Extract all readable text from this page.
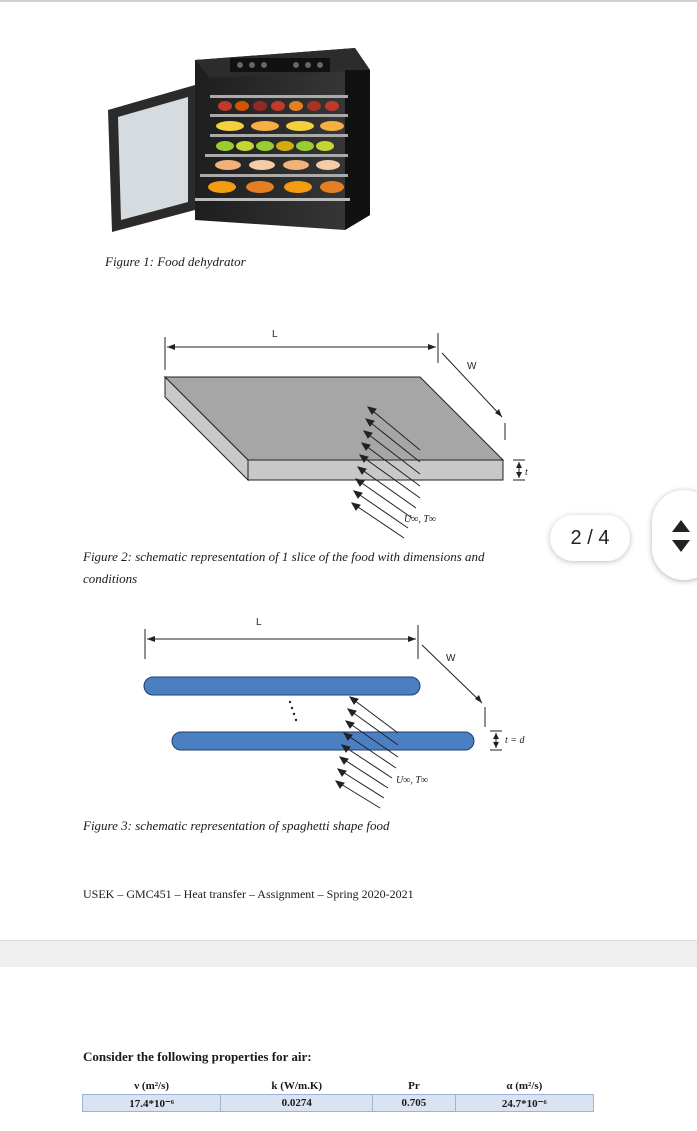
Figure 1: Food dehydrator
L
W
t
U∞, T∞
Figure 2: schematic representation of 1 slice of the food with dimensions and
conditions
L
W
t = d
U∞, T∞
Figure 3: schematic representation of spaghetti shape food
USEK – GMC451 – Heat transfer – Assignment – Spring 2020-2021
Consider the following properties for air:
ν (m²/s)	k (W/m.K)	Pr	α (m²/s)
17.4*10⁻⁶	0.0274	0.705	24.7*10⁻⁶
2 / 4
